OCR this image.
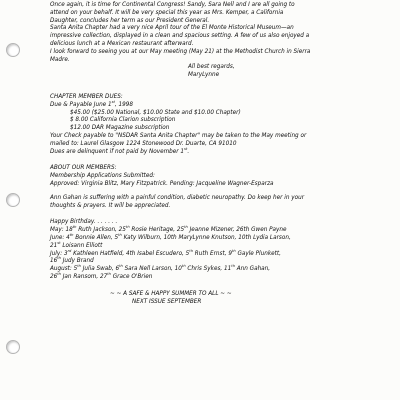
Once again, it is time for Continental Congress! Sandy, Sara Nell and I are all going to

attend on your behalf. It will be very special this year as Mrs. Kemper, a California

Daughter, concludes her term as our President General.

Santa Anita Chapter had a very nice April tour of the El Monte Historical Museum—an

impressive collection, displayed in a clean and spacious setting. A few of us also enjoyed a

delicious lunch at a Mexican restaurant afterward.

I look forward to seeing you at our May meeting (May 21) at the Methodist Church in Sierra

Madre.

All best regards,

MaryLynne

CHAPTER MEMBER DUES:

Due & Payable June 1st, 1998

$45.00 ($25.00 National, $10.00 State and $10.00 Chapter)

$ 8.00 California Clarion subscription

$12.00 DAR Magazine subscription

Your Check payable to "NSDAR Santa Anita Chapter" may be taken to the May meeting or

mailed to: Laurel Glasgow 1224 Stonewood Dr. Duarte, CA 91010

Dues are delinquent if not paid by November 1st.

ABOUT OUR MEMBERS:

Membership Applications Submitted:

Approved: Virginia Blitz, Mary Fitzpatrick. Pending: Jacqueline Wagner-Esparza

Ann Gahan is suffering with a painful condition, diabetic neuropathy. Do keep her in your

thoughts & prayers. It will be appreciated.

Happy Birthday. . . . . . .

May: 18th Ruth Jackson, 25th Rosie Heritage, 25th Jeanne Mizener, 26th Gwen Payne

June: 4th Bonnie Allen, 5th Katy Wilburn, 10th MaryLynne Knutson, 10th Lydia Larson,

21st Loisann Elliott

July: 3rd Kathleen Hatfield, 4th Isabel Escudero, 5th Ruth Ernst, 9th Gayle Plunkett,

16th Judy Brand

August: 5th Julia Swab, 6th Sara Nell Larson, 10th Chris Sykes, 11th Ann Gahan,

26th Jan Ransom, 27th Grace O'Brien

~ ~ A SAFE & HAPPY SUMMER TO ALL ~ ~

NEXT ISSUE SEPTEMBER
